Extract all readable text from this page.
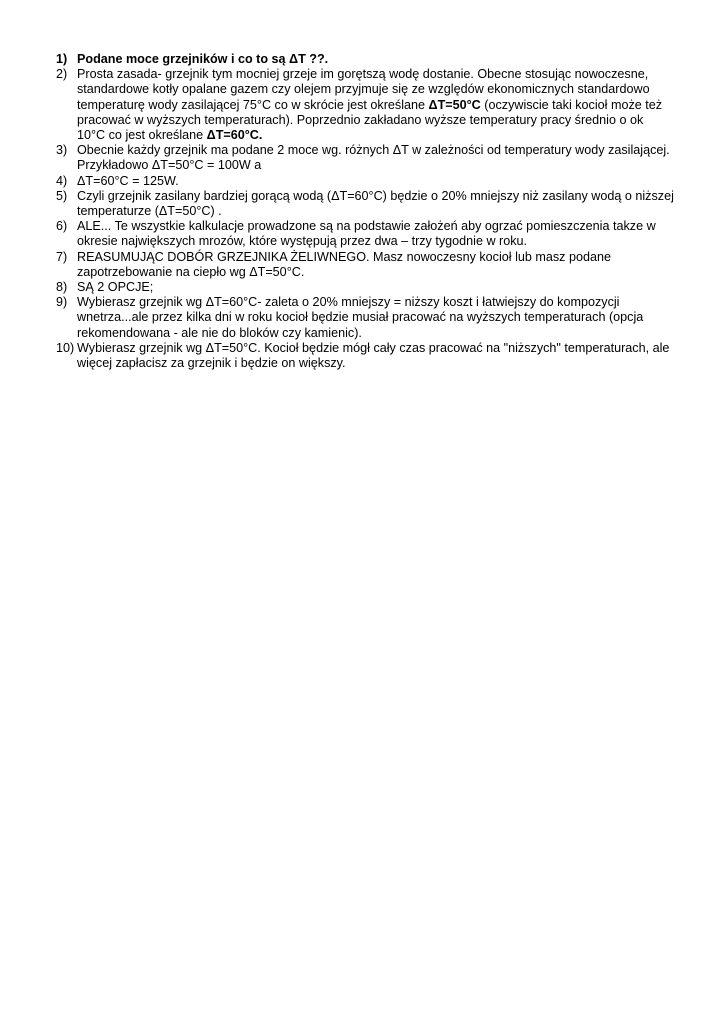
1) Podane moce grzejników i co to są ΔT ??.
2) Prosta zasada- grzejnik tym mocniej grzeje im gorętszą wodę dostanie. Obecne stosując nowoczesne, standardowe kotły opalane gazem czy olejem przyjmuje się ze względów ekonomicznych standardowo temperaturę wody zasilającej 75°C co w skrócie jest określane ΔT=50°C (oczywiscie taki kocioł może też pracować w wyższych temperaturach). Poprzednio zakładano wyższe temperatury pracy średnio o ok 10°C co jest określane ΔT=60°C.
3) Obecnie każdy grzejnik ma podane 2 moce wg. różnych ΔT w zależności od temperatury wody zasilającej. Przykładowo ΔT=50°C = 100W a
4) ΔT=60°C = 125W.
5) Czyli grzejnik zasilany bardziej gorącą wodą (ΔT=60°C) będzie o 20% mniejszy niż zasilany wodą o niższej temperaturze (ΔT=50°C) .
6) ALE... Te wszystkie kalkulacje prowadzone są na podstawie założeń aby ogrzać pomieszczenia takze w okresie największych mrozów, które występują przez dwa – trzy tygodnie w roku.
7) REASUMUJĄC DOBÓR GRZEJNIKA ŻELIWNEGO. Masz nowoczesny kocioł lub masz podane zapotrzebowanie na ciepło wg ΔT=50°C.
8) SĄ 2 OPCJE;
9) Wybierasz grzejnik wg ΔT=60°C- zaleta o 20% mniejszy = niższy koszt i łatwiejszy do kompozycji wnetrza...ale przez kilka dni w roku kocioł będzie musiał pracować na wyższych temperaturach (opcja rekomendowana - ale nie do bloków czy kamienic).
10) Wybierasz grzejnik wg ΔT=50°C. Kocioł będzie mógł cały czas pracować na "niższych" temperaturach, ale więcej zapłacisz za grzejnik i będzie on większy.
